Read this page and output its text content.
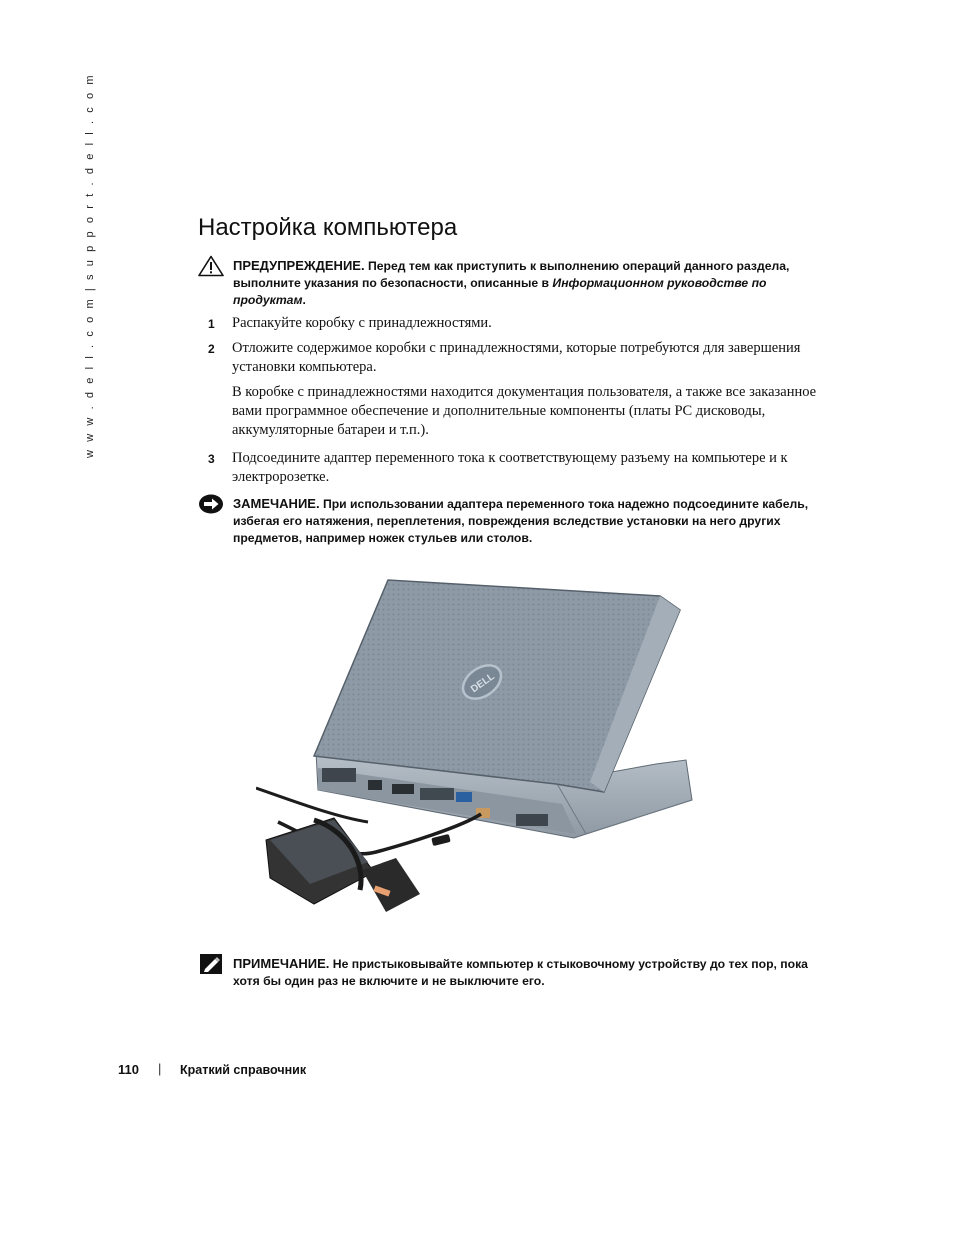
w w w . d e l l . c o m | s u p p o r t . d e l l . c o m	Настройка компьютера
ПРЕДУПРЕЖДЕНИЕ. Перед тем как приступить к выполнению операций данного раздела, выполните указания по безопасности, описанные в Информационном руководстве по продуктам.
1 Распакуйте коробку с принадлежностями.
2 Отложите содержимое коробки с принадлежностями, которые потребуются для завершения установки компьютера.
В коробке с принадлежностями находится документация пользователя, а также все заказанное вами программное обеспечение и дополнительные компоненты (платы PC дисководы, аккумуляторные батареи и т.п.).
3 Подсоедините адаптер переменного тока к соответствующему разъему на компьютере и к электророзетке.
ЗАМЕЧАНИЕ. При использовании адаптера переменного тока надежно подсоедините кабель, избегая его натяжения, переплетения, повреждения вследствие установки на него других предметов, например ножек стульев или столов.
DELL
ПРИМЕЧАНИЕ. Не пристыковывайте компьютер к стыковочному устройству до тех пор, пока хотя бы один раз не включите и не выключите его.
110 | Краткий справочник
